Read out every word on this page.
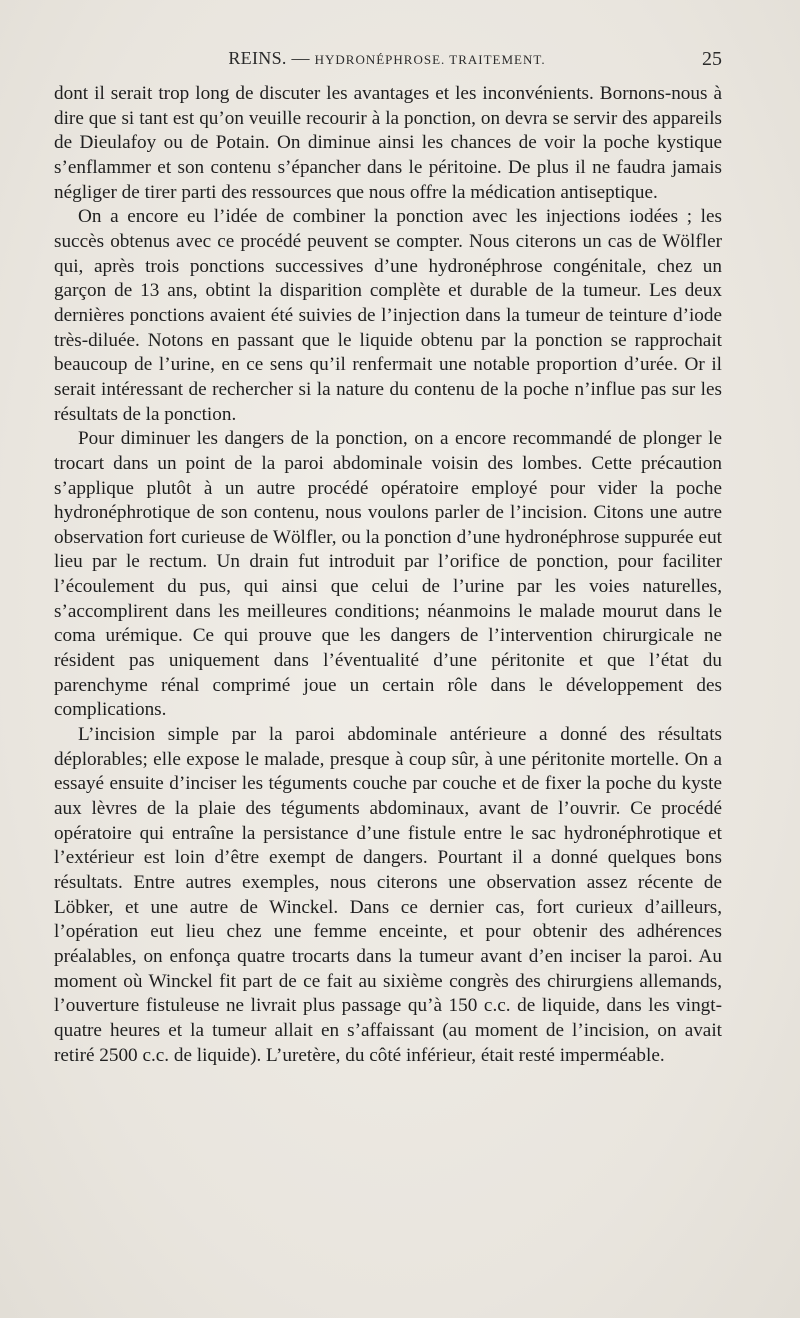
REINS. — HYDRONÉPHROSE. TRAITEMENT.	25

dont il serait trop long de discuter les avantages et les inconvénients. Bornons-nous à dire que si tant est qu’on veuille recourir à la ponction, on devra se servir des appareils de Dieulafoy ou de Potain. On diminue ainsi les chances de voir la poche kystique s’enflammer et son contenu s’épancher dans le péritoine. De plus il ne faudra jamais négliger de tirer parti des ressources que nous offre la médication antiseptique.

On a encore eu l’idée de combiner la ponction avec les injections iodées ; les succès obtenus avec ce procédé peuvent se compter. Nous citerons un cas de Wölfler qui, après trois ponctions successives d’une hydronéphrose congénitale, chez un garçon de 13 ans, obtint la disparition complète et durable de la tumeur. Les deux dernières ponctions avaient été suivies de l’injection dans la tumeur de teinture d’iode très-diluée. Notons en passant que le liquide obtenu par la ponction se rapprochait beaucoup de l’urine, en ce sens qu’il renfermait une notable proportion d’urée. Or il serait intéressant de rechercher si la nature du contenu de la poche n’influe pas sur les résultats de la ponction.

Pour diminuer les dangers de la ponction, on a encore recommandé de plonger le trocart dans un point de la paroi abdominale voisin des lombes. Cette précaution s’applique plutôt à un autre procédé opératoire employé pour vider la poche hydronéphrotique de son contenu, nous voulons parler de l’incision. Citons une autre observation fort curieuse de Wölfler, ou la ponction d’une hydronéphrose suppurée eut lieu par le rectum. Un drain fut introduit par l’orifice de ponction, pour faciliter l’écoulement du pus, qui ainsi que celui de l’urine par les voies naturelles, s’accomplirent dans les meilleures conditions; néanmoins le malade mourut dans le coma urémique. Ce qui prouve que les dangers de l’intervention chirurgicale ne résident pas uniquement dans l’éventualité d’une péritonite et que l’état du parenchyme rénal comprimé joue un certain rôle dans le développement des complications.

L’incision simple par la paroi abdominale antérieure a donné des résultats déplorables; elle expose le malade, presque à coup sûr, à une péritonite mortelle. On a essayé ensuite d’inciser les téguments couche par couche et de fixer la poche du kyste aux lèvres de la plaie des téguments abdominaux, avant de l’ouvrir. Ce procédé opératoire qui entraîne la persistance d’une fistule entre le sac hydronéphrotique et l’extérieur est loin d’être exempt de dangers. Pourtant il a donné quelques bons résultats. Entre autres exemples, nous citerons une observation assez récente de Löbker, et une autre de Winckel. Dans ce dernier cas, fort curieux d’ailleurs, l’opération eut lieu chez une femme enceinte, et pour obtenir des adhérences préalables, on enfonça quatre trocarts dans la tumeur avant d’en inciser la paroi. Au moment où Winckel fit part de ce fait au sixième congrès des chirurgiens allemands, l’ouverture fistuleuse ne livrait plus passage qu’à 150 c.c. de liquide, dans les vingt-quatre heures et la tumeur allait en s’affaissant (au moment de l’incision, on avait retiré 2500 c.c. de liquide). L’uretère, du côté inférieur, était resté imperméable.
